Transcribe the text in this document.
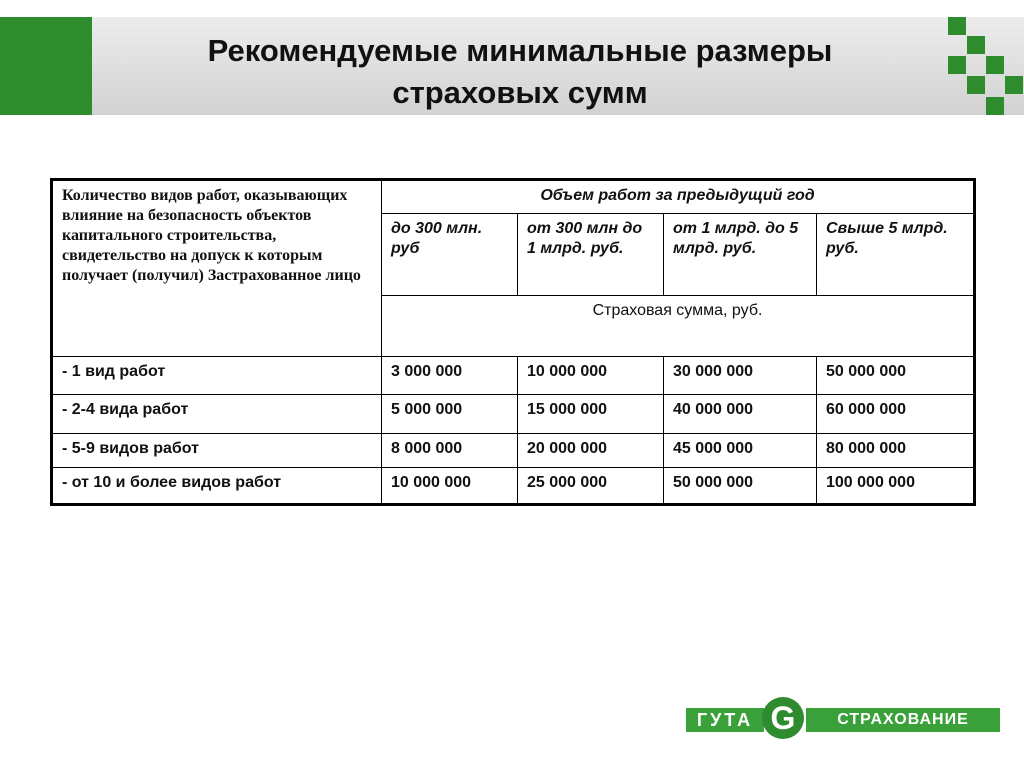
Рекомендуемые минимальные размеры
страховых сумм
Количество видов работ, оказывающих влияние на безопасность объектов капитального строительства, свидетельство на допуск к которым получает (получил) Застрахованное лицо	Объем работ за предыдущий год			
	до 300 млн. руб	от 300 млн до 1 млрд. руб.	от 1 млрд. до 5 млрд. руб.	Свыше 5 млрд. руб.
	Страховая сумма, руб.			
- 1 вид работ	3 000 000	10 000 000	30 000 000	50 000 000
- 2-4 вида работ	5 000 000	15 000 000	40 000 000	60 000 000
- 5-9 видов работ	8 000 000	20 000 000	45 000 000	80 000 000
- от 10 и более видов работ	10 000 000	25 000 000	50 000 000	100 000 000
ГУТА G	СТРАХОВАНИЕ
